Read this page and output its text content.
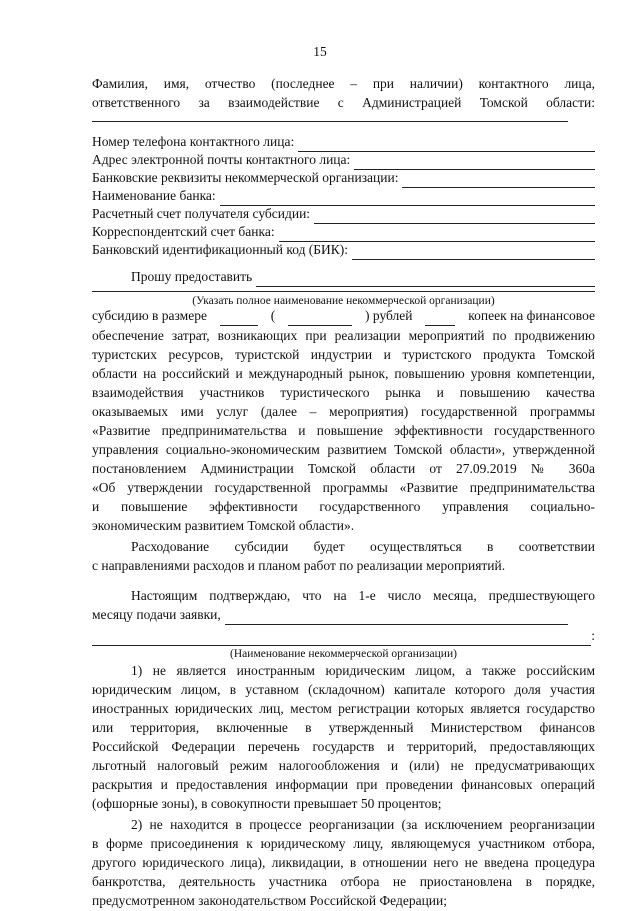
15
Фамилия, имя, отчество (последнее – при наличии) контактного лица,
ответственного за взаимодействие с Администрацией Томской области:
Номер телефона контактного лица:
Адрес электронной почты контактного лица:
Банковские реквизиты некоммерческой организации:
Наименование банка:
Расчетный счет получателя субсидии:
Корреспондентский счет банка:
Банковский идентификационный код (БИК):
Прошу предоставить
(Указать полное наименование некоммерческой организации)
субсидию в размере	(	) рублей	копеек на финансовое
обеспечение затрат, возникающих при реализации мероприятий по продвижению
туристских ресурсов, туристской индустрии и туристского продукта Томской
области на российский и международный рынок, повышению уровня компетенции,
взаимодействия участников туристического рынка и повышению качества
оказываемых ими услуг (далее – мероприятия) государственной программы
«Развитие предпринимательства и повышение эффективности государственного
управления социально-экономическим развитием Томской области», утвержденной
постановлением Администрации Томской области от 27.09.2019 № 360а
«Об утверждении государственной программы «Развитие предпринимательства
и повышение эффективности государственного управления социально-
экономическим развитием Томской области».
Расходование субсидии будет осуществляться в соответствии
с направлениями расходов и планом работ по реализации мероприятий.
Настоящим подтверждаю, что на 1-е число месяца, предшествующего
месяцу подачи заявки,
:
(Наименование некоммерческой организации)
1) не является иностранным юридическим лицом, а также российским
юридическим лицом, в уставном (складочном) капитале которого доля участия
иностранных юридических лиц, местом регистрации которых является государство
или территория, включенные в утвержденный Министерством финансов
Российской Федерации перечень государств и территорий, предоставляющих
льготный налоговый режим налогообложения и (или) не предусматривающих
раскрытия и предоставления информации при проведении финансовых операций
(офшорные зоны), в совокупности превышает 50 процентов;
2) не находится в процессе реорганизации (за исключением реорганизации
в форме присоединения к юридическому лицу, являющемуся участником отбора,
другого юридического лица), ликвидации, в отношении него не введена процедура
банкротства, деятельность участника отбора не приостановлена в порядке,
предусмотренном законодательством Российской Федерации;
